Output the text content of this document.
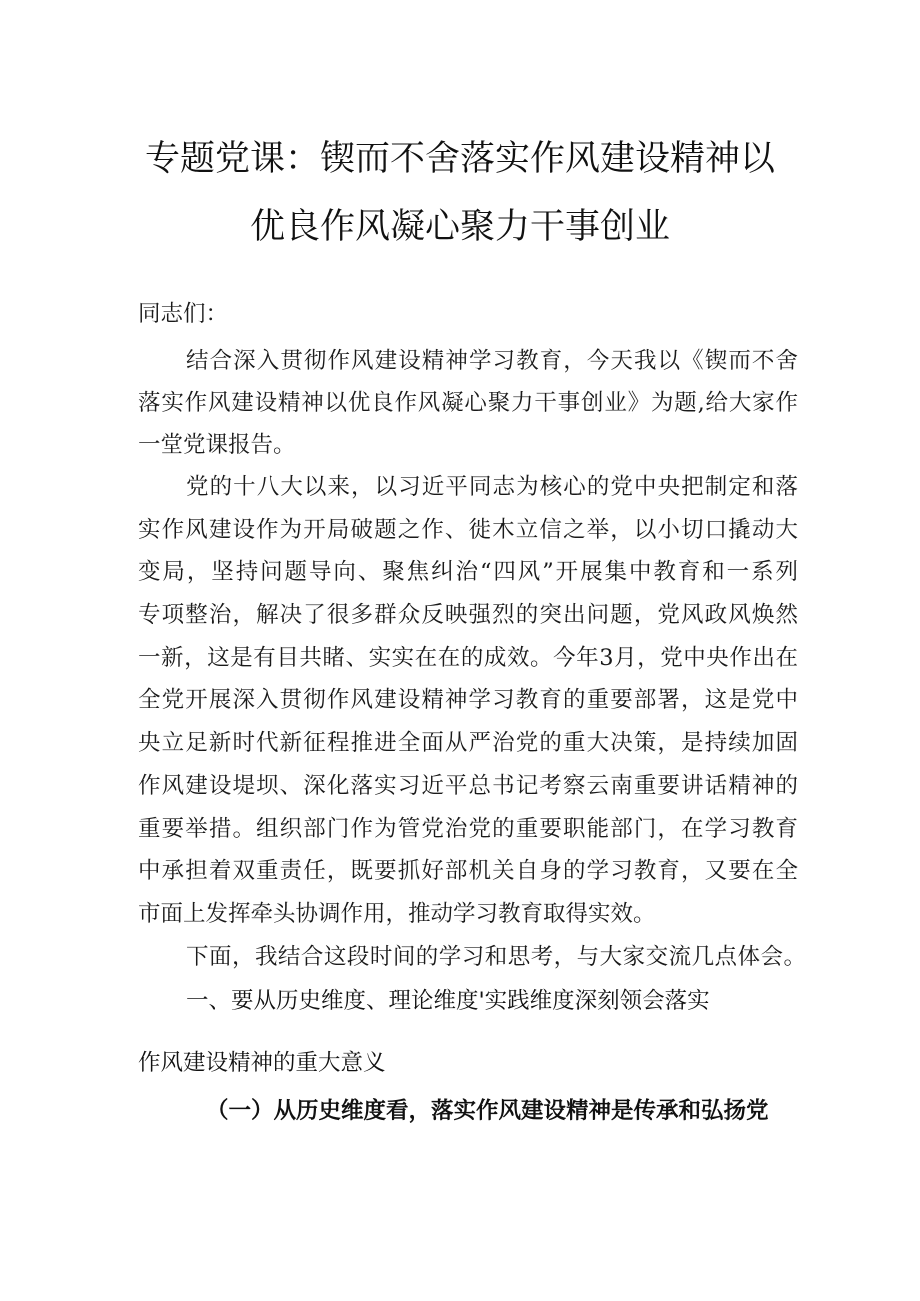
专题党课：锲而不舍落实作风建设精神以
优良作风凝心聚力干事创业

同志们：

结合深入贯彻作风建设精神学习教育，今天我以《锲而不舍

落实作风建设精神以优良作风凝心聚力干事创业》为题,给大家作

一堂党课报告。

党的十八大以来，以习近平同志为核心的党中央把制定和落

实作风建设作为开局破题之作、徙木立信之举，以小切口撬动大

变局，坚持问题导向、聚焦纠治“四风”开展集中教育和一系列

专项整治，解决了很多群众反映强烈的突出问题，党风政风焕然

一新，这是有目共睹、实实在在的成效。今年3月，党中央作出在

全党开展深入贯彻作风建设精神学习教育的重要部署，这是党中

央立足新时代新征程推进全面从严治党的重大决策，是持续加固

作风建设堤坝、深化落实习近平总书记考察云南重要讲话精神的

重要举措。组织部门作为管党治党的重要职能部门，在学习教育

中承担着双重责任，既要抓好部机关自身的学习教育，又要在全

市面上发挥牵头协调作用，推动学习教育取得实效。

下面，我结合这段时间的学习和思考，与大家交流几点体会。

一、要从历史维度、理论维度'实践维度深刻领会落实

作风建设精神的重大意义

（一）从历史维度看，落实作风建设精神是传承和弘扬党
